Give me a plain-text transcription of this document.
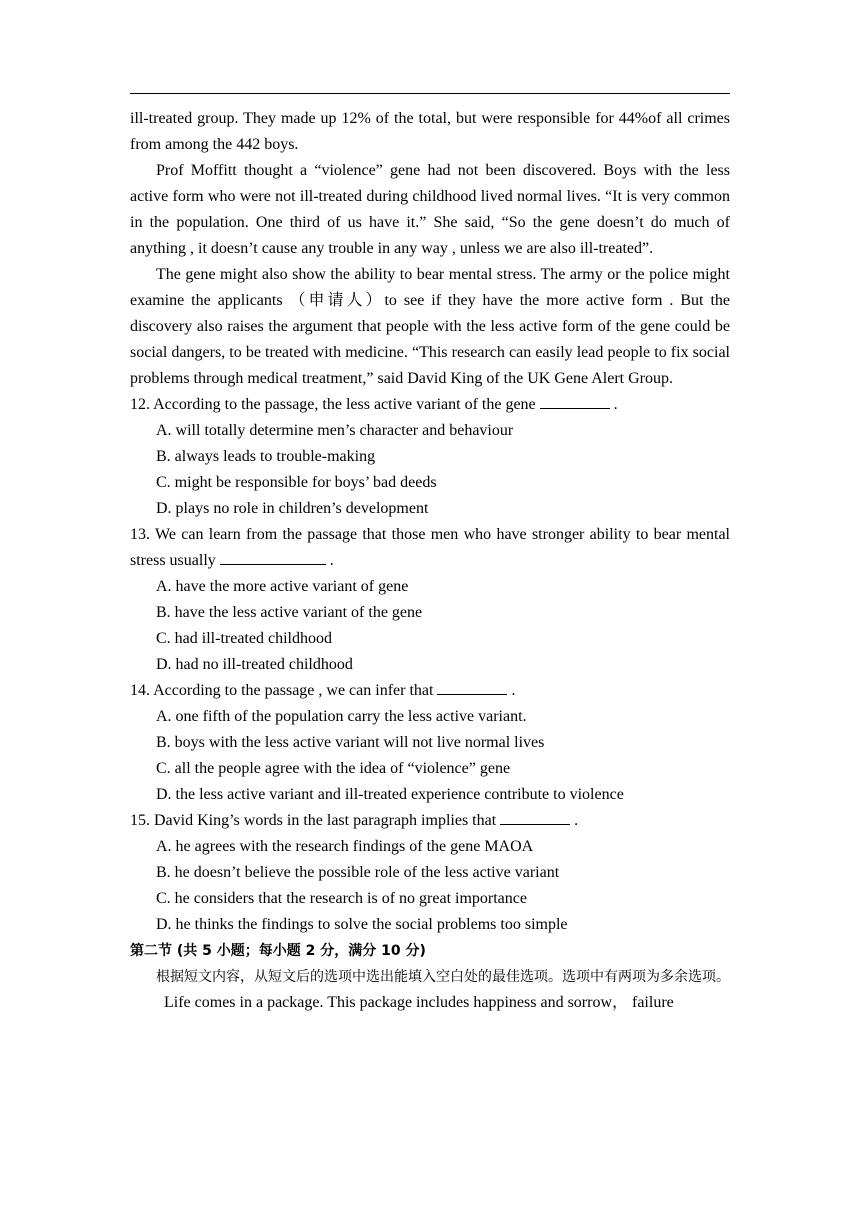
ill-treated group. They made up 12% of the total, but were responsible for 44%of all crimes from among the 442 boys.

Prof Moffitt thought a “violence” gene had not been discovered. Boys with the less active form who were not ill-treated during childhood lived normal lives. “It is very common in the population. One third of us have it.” She said, “So the gene doesn’t do much of anything , it doesn’t cause any trouble in any way , unless we are also ill-treated”.

The gene might also show the ability to bear mental stress. The army or the police might examine the applicants （申请人）to see if they have the more active form . But the discovery also raises the argument that people with the less active form of the gene could be social dangers, to be treated with medicine. “This research can easily lead people to fix social problems through medical treatment,” said David King of the UK Gene Alert Group.

12. According to the passage, the less active variant of the gene	.

A. will totally determine men’s character and behaviour

B. always leads to trouble-making

C. might be responsible for boys’ bad deeds

D. plays no role in children’s development

13. We can learn from the passage that those men who have stronger ability to bear mental stress usually	.

A. have the more active variant of gene

B. have the less active variant of the gene

C. had ill-treated childhood

D. had no ill-treated childhood

14. According to the passage , we can infer that	.

A. one fifth of the population carry the less active variant.

B. boys with the less active variant will not live normal lives

C. all the people agree with the idea of “violence” gene

D. the less active variant and ill-treated experience contribute to violence

15. David King’s words in the last paragraph implies that	.

A. he agrees with the research findings of the gene MAOA

B. he doesn’t believe the possible role of the less active variant

C. he considers that the research is of no great importance

D. he thinks the findings to solve the social problems too simple

第二节 (共 5 小题；每小题 2 分，满分 10 分)

根据短文内容，从短文后的选项中选出能填入空白处的最佳选项。选项中有两项为多余选项。

Life comes in a package. This package includes happiness and sorrow， failure
